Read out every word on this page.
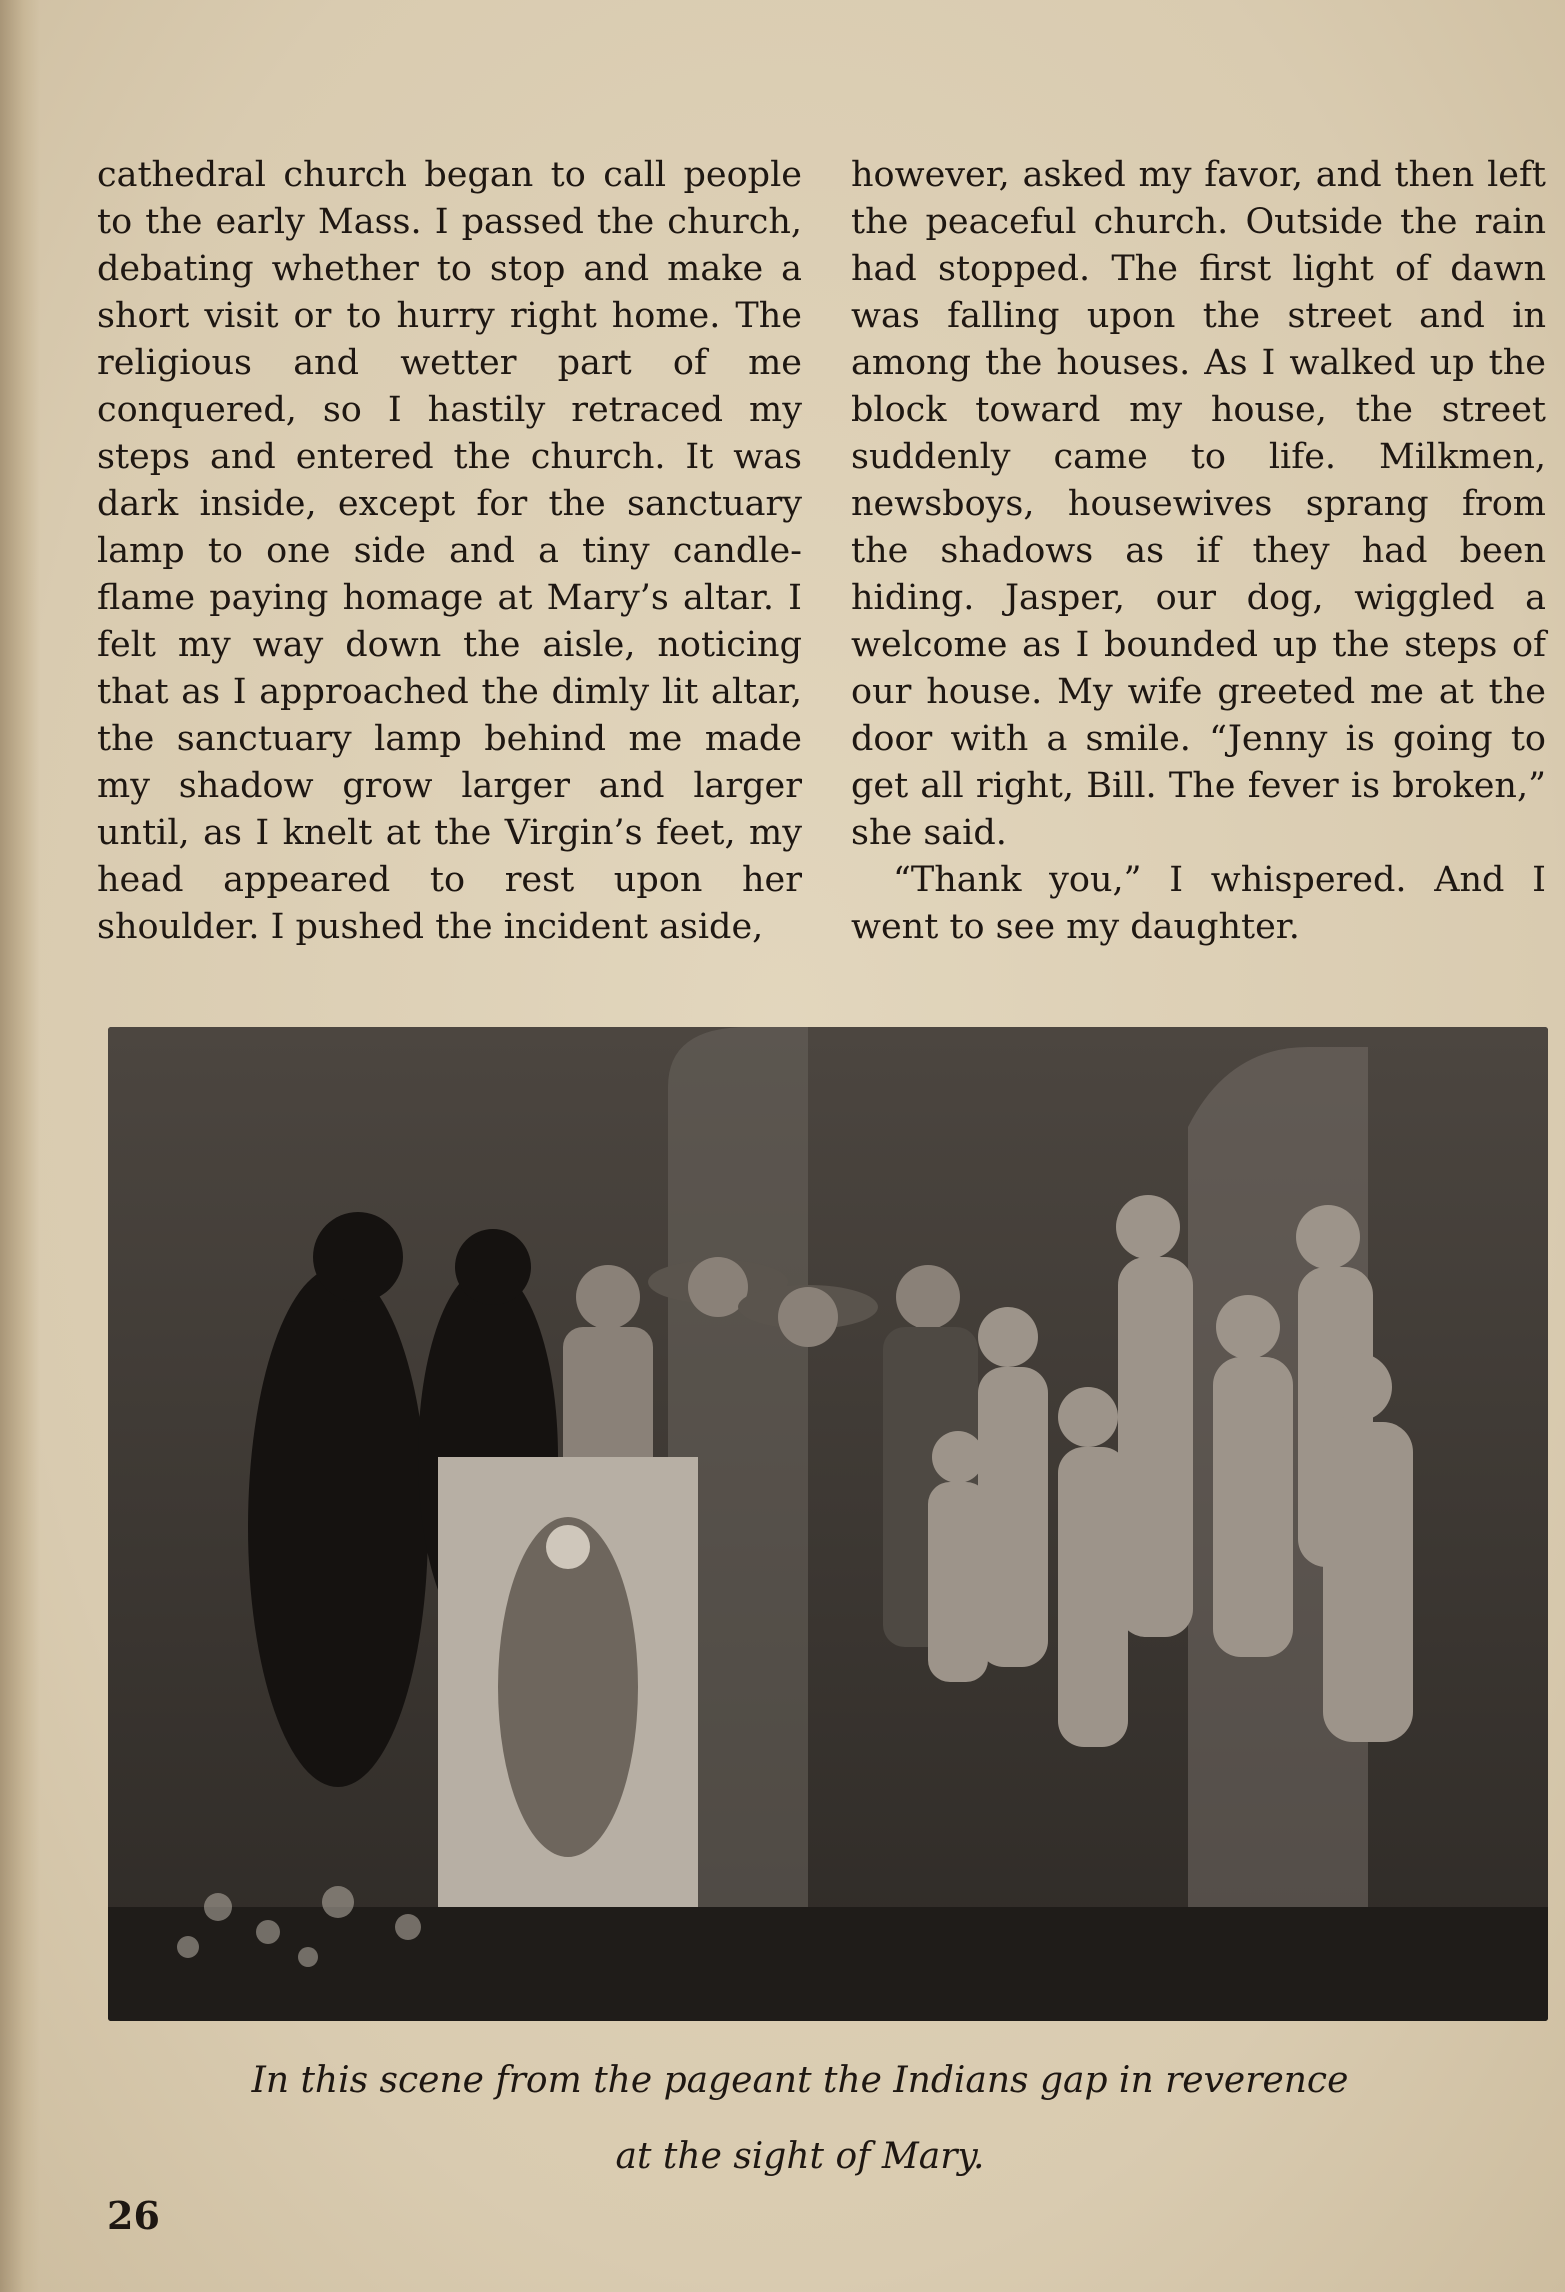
cathedral church began to call people to the early Mass. I passed the church, debating whether to stop and make a short visit or to hurry right home. The religious and wetter part of me conquered, so I hastily retraced my steps and entered the church. It was dark inside, except for the sanctuary lamp to one side and a tiny candle-flame paying homage at Mary’s altar. I felt my way down the aisle, noticing that as I approached the dimly lit altar, the sanctuary lamp behind me made my shadow grow larger and larger until, as I knelt at the Virgin’s feet, my head appeared to rest upon her shoulder. I pushed the incident aside,

however, asked my favor, and then left the peaceful church. Outside the rain had stopped. The first light of dawn was falling upon the street and in among the houses. As I walked up the block toward my house, the street suddenly came to life. Milkmen, newsboys, housewives sprang from the shadows as if they had been hiding. Jasper, our dog, wiggled a welcome as I bounded up the steps of our house. My wife greeted me at the door with a smile. “Jenny is going to get all right, Bill. The fever is broken,” she said.

“Thank you,” I whispered. And I went to see my daughter.

In this scene from the pageant the Indians gap in reverence
at the sight of Mary.
26
